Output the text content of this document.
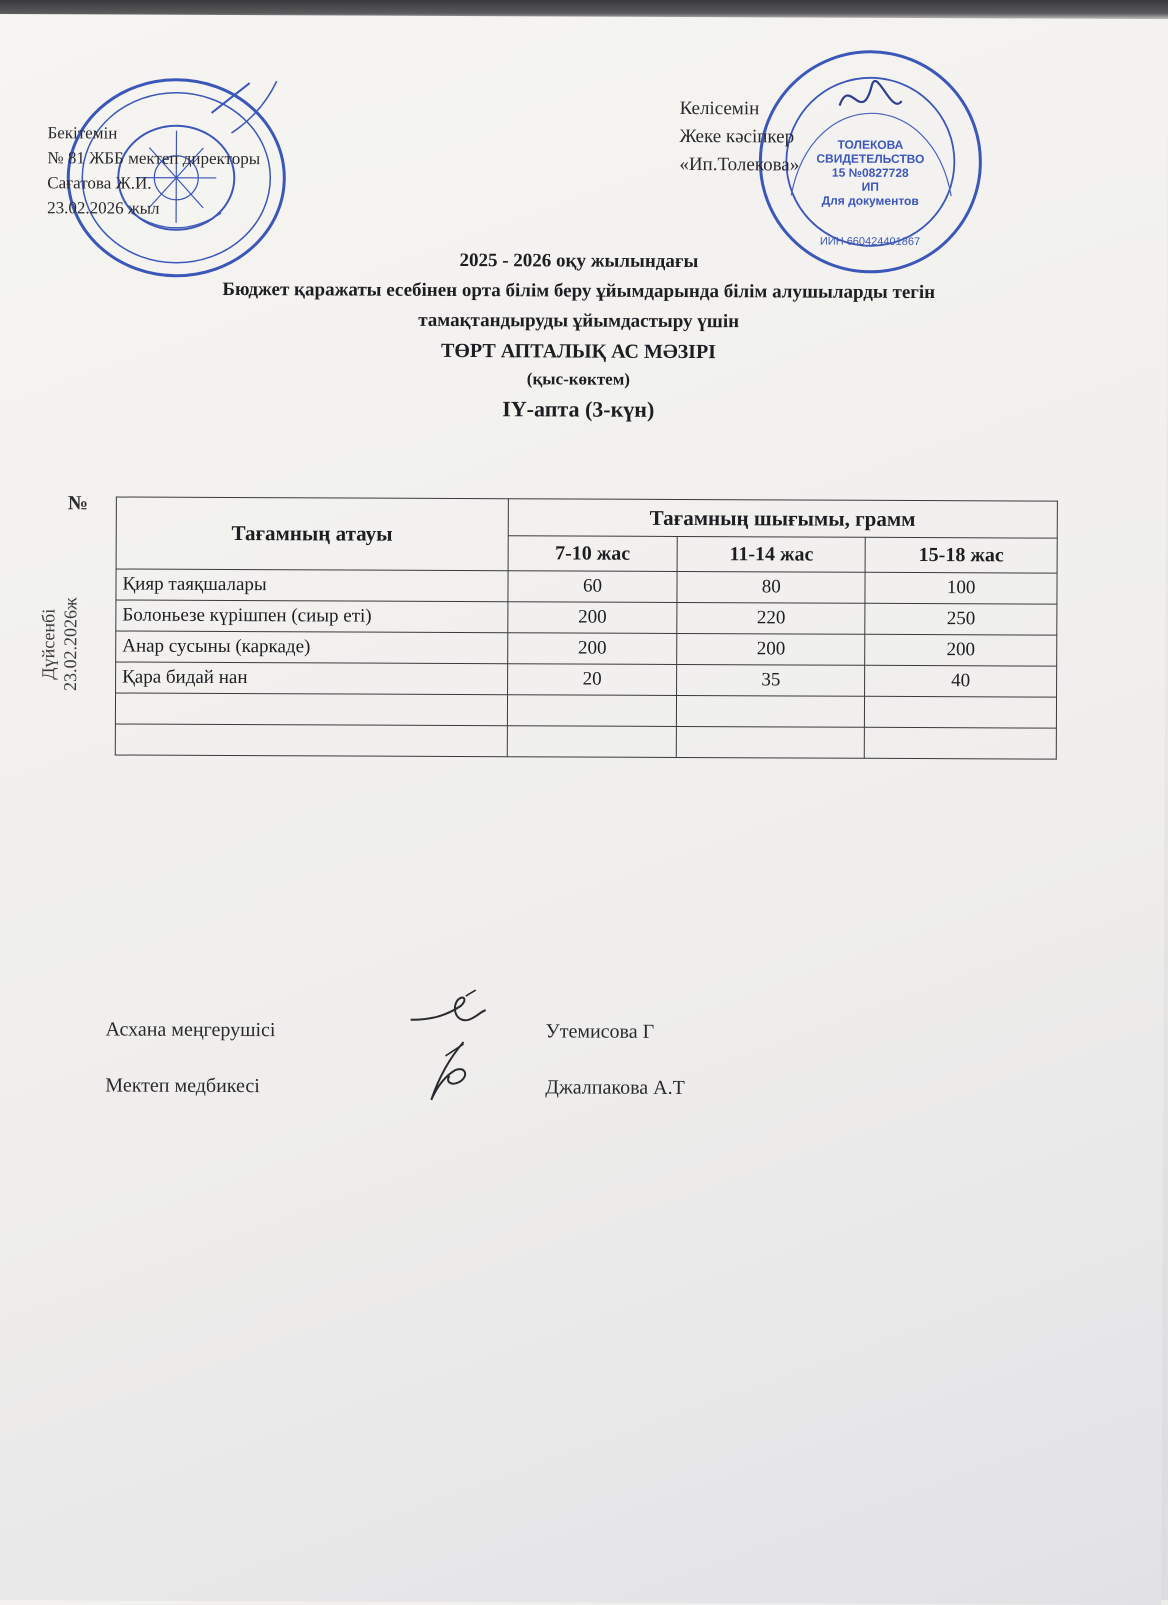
ТОЛЕКОВА
СВИДЕТЕЛЬСТВО
15 №0827728
ИП
Для документов
ИИН 660424401867
Бекітемін
№ 81 ЖББ мектеп директоры
Сағатова Ж.И.
23.02.2026 жыл
Келісемін
Жеке кәсіпкер
«Ип.Толекова»
2025 - 2026 оқу жылындағы
Бюджет қаражаты есебінен орта білім беру ұйымдарында білім алушыларды тегін
тамақтандыруды ұйымдастыру үшін
ТӨРТ АПТАЛЫҚ АС МӘЗІРІ
(қыс-көктем)
IҮ-апта (3-күн)
№
Дүйсенбі 23.02.2026ж
Тағамның атауы	Тағамның шығымы, грамм		
	7-10 жас	11-14 жас	15-18 жас
Қияр таяқшалары	60	80	100
Болоньезе күрішпен (сиыр еті)	200	220	250
Анар сусыны (каркаде)	200	200	200
Қара бидай нан	20	35	40

Асхана меңгерушісі	Утемисова Г
Мектеп медбикесі	Джалпакова А.Т
